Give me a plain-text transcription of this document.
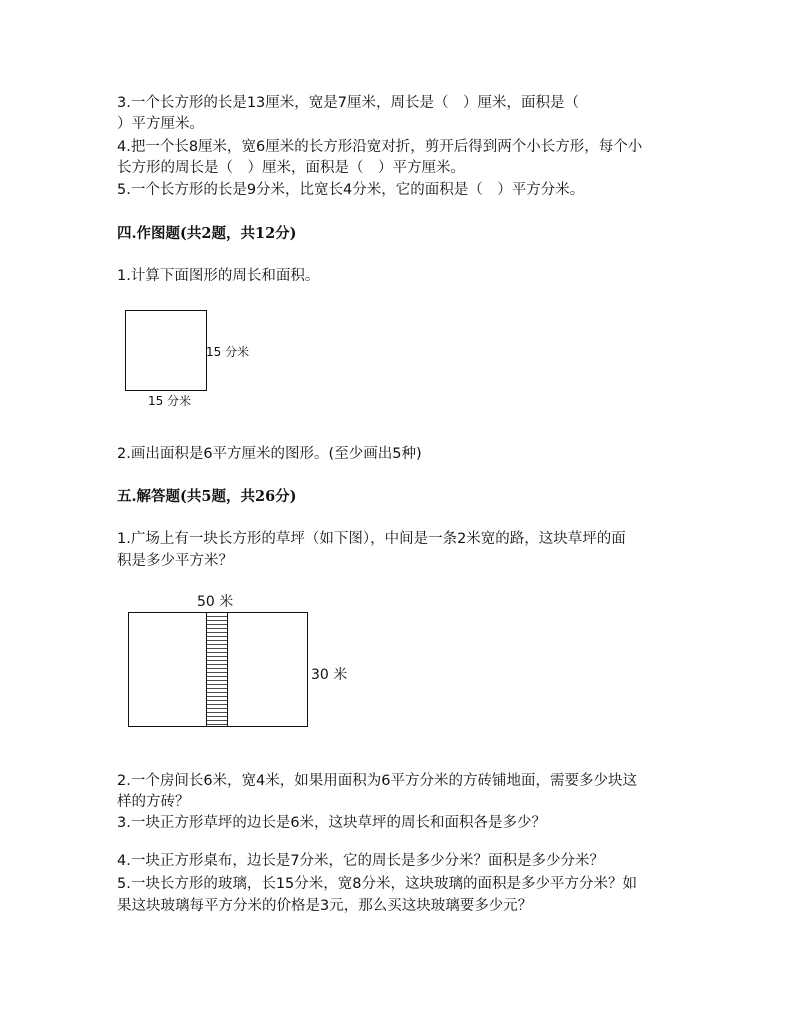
3.一个长方形的长是13厘米，宽是7厘米，周长是（　）厘米，面积是（
）平方厘米。
4.把一个长8厘米，宽6厘米的长方形沿宽对折，剪开后得到两个小长方形，每个小
长方形的周长是（　）厘米，面积是（　）平方厘米。
5.一个长方形的长是9分米，比宽长4分米，它的面积是（　）平方分米。
四.作图题(共2题，共12分)
1.计算下面图形的周长和面积。
15 分米
15 分米
2.画出面积是6平方厘米的图形。(至少画出5种)
五.解答题(共5题，共26分)
1.广场上有一块长方形的草坪（如下图），中间是一条2米宽的路，这块草坪的面
积是多少平方米？
50 米
30 米
2.一个房间长6米，宽4米，如果用面积为6平方分米的方砖铺地面，需要多少块这
样的方砖？
3.一块正方形草坪的边长是6米，这块草坪的周长和面积各是多少？
4.一块正方形桌布，边长是7分米，它的周长是多少分米？面积是多少分米？
5.一块长方形的玻璃，长15分米，宽8分米，这块玻璃的面积是多少平方分米？如
果这块玻璃每平方分米的价格是3元，那么买这块玻璃要多少元？
